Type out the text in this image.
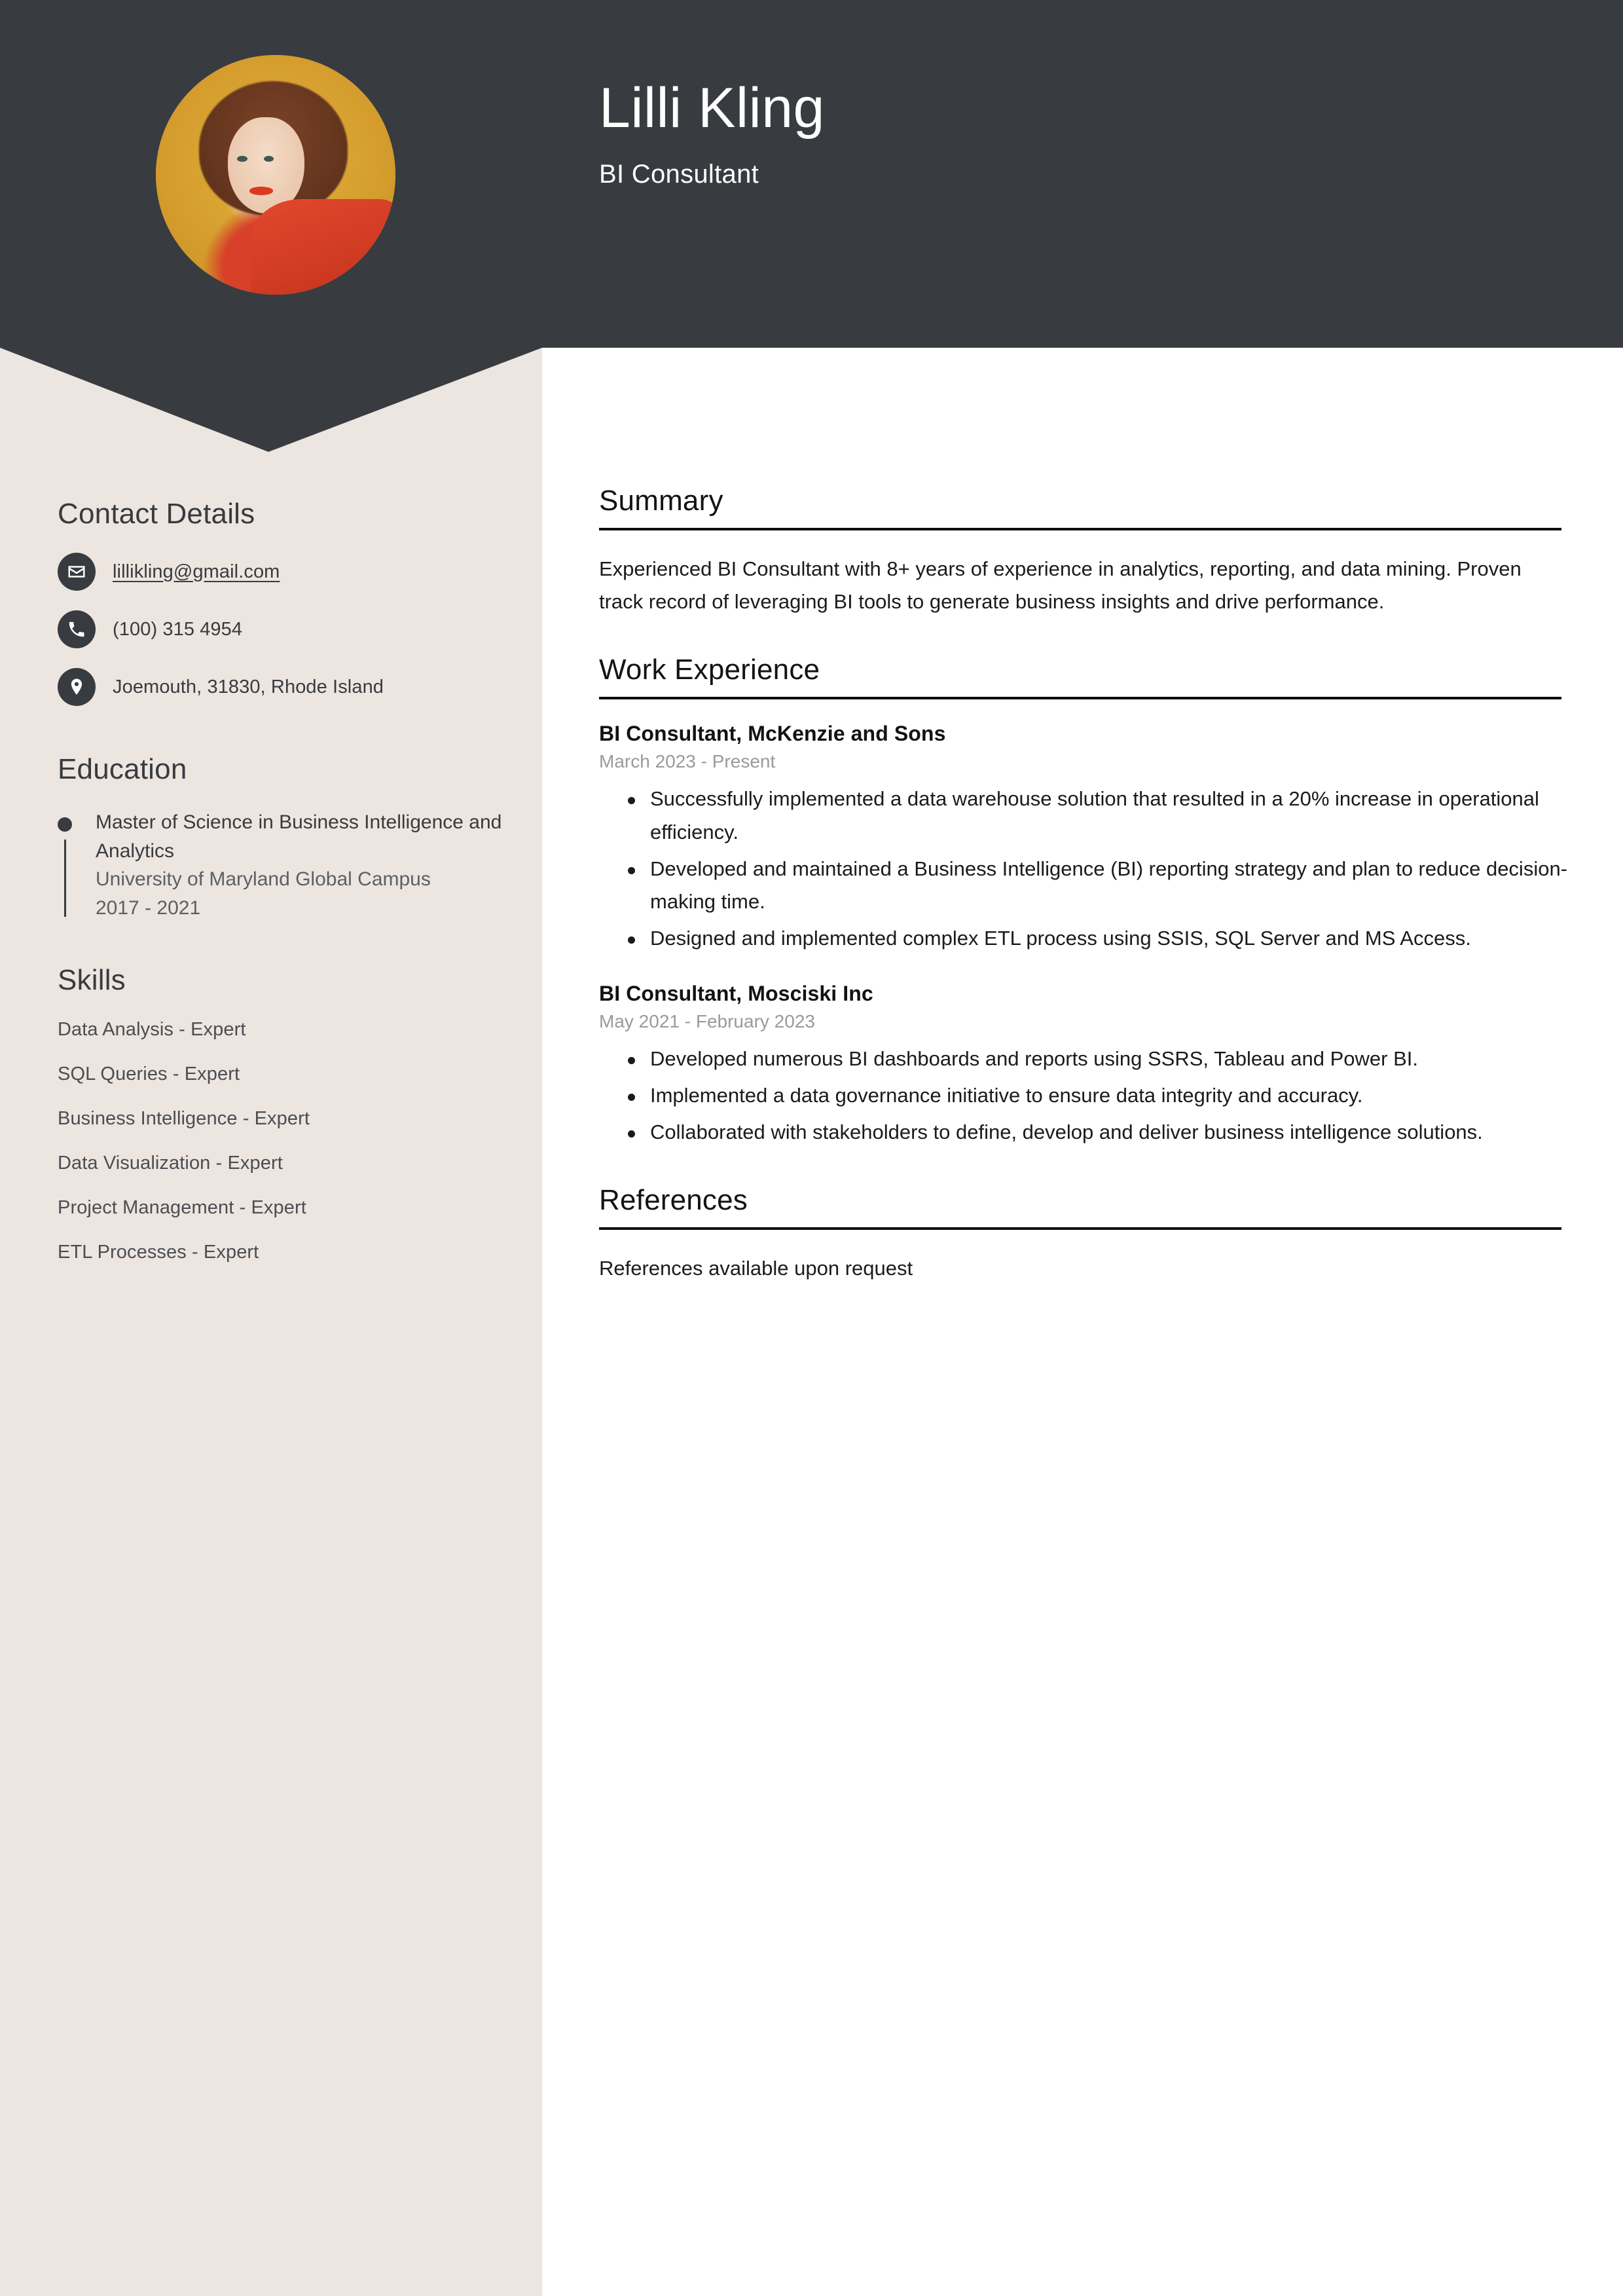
Lilli Kling
BI Consultant
Contact Details
lillikling@gmail.com
(100) 315 4954
Joemouth, 31830, Rhode Island
Education
Master of Science in Business Intelligence and Analytics
University of Maryland Global Campus
2017 - 2021
Skills
Data Analysis - Expert
SQL Queries - Expert
Business Intelligence - Expert
Data Visualization - Expert
Project Management - Expert
ETL Processes - Expert
Summary
Experienced BI Consultant with 8+ years of experience in analytics, reporting, and data mining. Proven track record of leveraging BI tools to generate business insights and drive performance.
Work Experience
BI Consultant, McKenzie and Sons
March 2023 - Present
Successfully implemented a data warehouse solution that resulted in a 20% increase in operational efficiency.
Developed and maintained a Business Intelligence (BI) reporting strategy and plan to reduce decision-making time.
Designed and implemented complex ETL process using SSIS, SQL Server and MS Access.
BI Consultant, Mosciski Inc
May 2021 - February 2023
Developed numerous BI dashboards and reports using SSRS, Tableau and Power BI.
Implemented a data governance initiative to ensure data integrity and accuracy.
Collaborated with stakeholders to define, develop and deliver business intelligence solutions.
References
References available upon request
